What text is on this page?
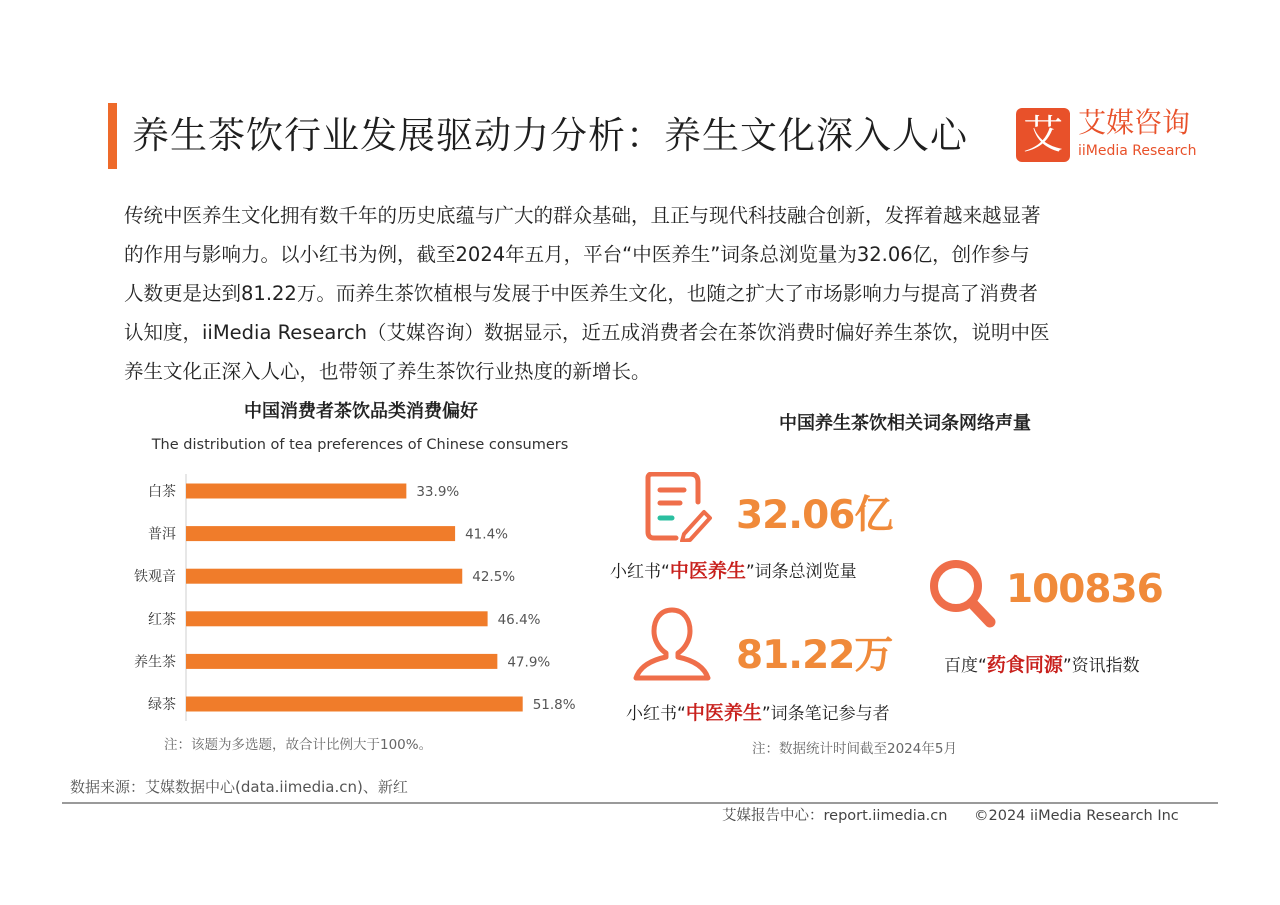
养生茶饮行业发展驱动力分析：养生文化深入人心 艾 艾媒咨询
iiMedia Research
传统中医养生文化拥有数千年的历史底蕴与广大的群众基础，且正与现代科技融合创新，发挥着越来越显著
的作用与影响力。以小红书为例，截至2024年五月，平台“中医养生”词条总浏览量为32.06亿，创作参与
人数更是达到81.22万。而养生茶饮植根与发展于中医养生文化，也随之扩大了市场影响力与提高了消费者
认知度，iiMedia Research（艾媒咨询）数据显示，近五成消费者会在茶饮消费时偏好养生茶饮，说明中医
养生文化正深入人心，也带领了养生茶饮行业热度的新增长。
中国消费者茶饮品类消费偏好
The distribution of tea preferences of Chinese consumers
白茶	33.9%
普洱	41.4%
铁观音	42.5%
红茶	46.4%
养生茶	47.9%
绿茶	51.8%
注：该题为多选题，故合计比例大于100%。
中国养生茶饮相关词条网络声量
32.06亿
小红书“中医养生”词条总浏览量
81.22万
小红书“中医养生”词条笔记参与者
100836
百度“药食同源”资讯指数
注：数据统计时间截至2024年5月
数据来源：艾媒数据中心(data.iimedia.cn)、新红
艾媒报告中心：report.iimedia.cn ©2024 iiMedia Research Inc
